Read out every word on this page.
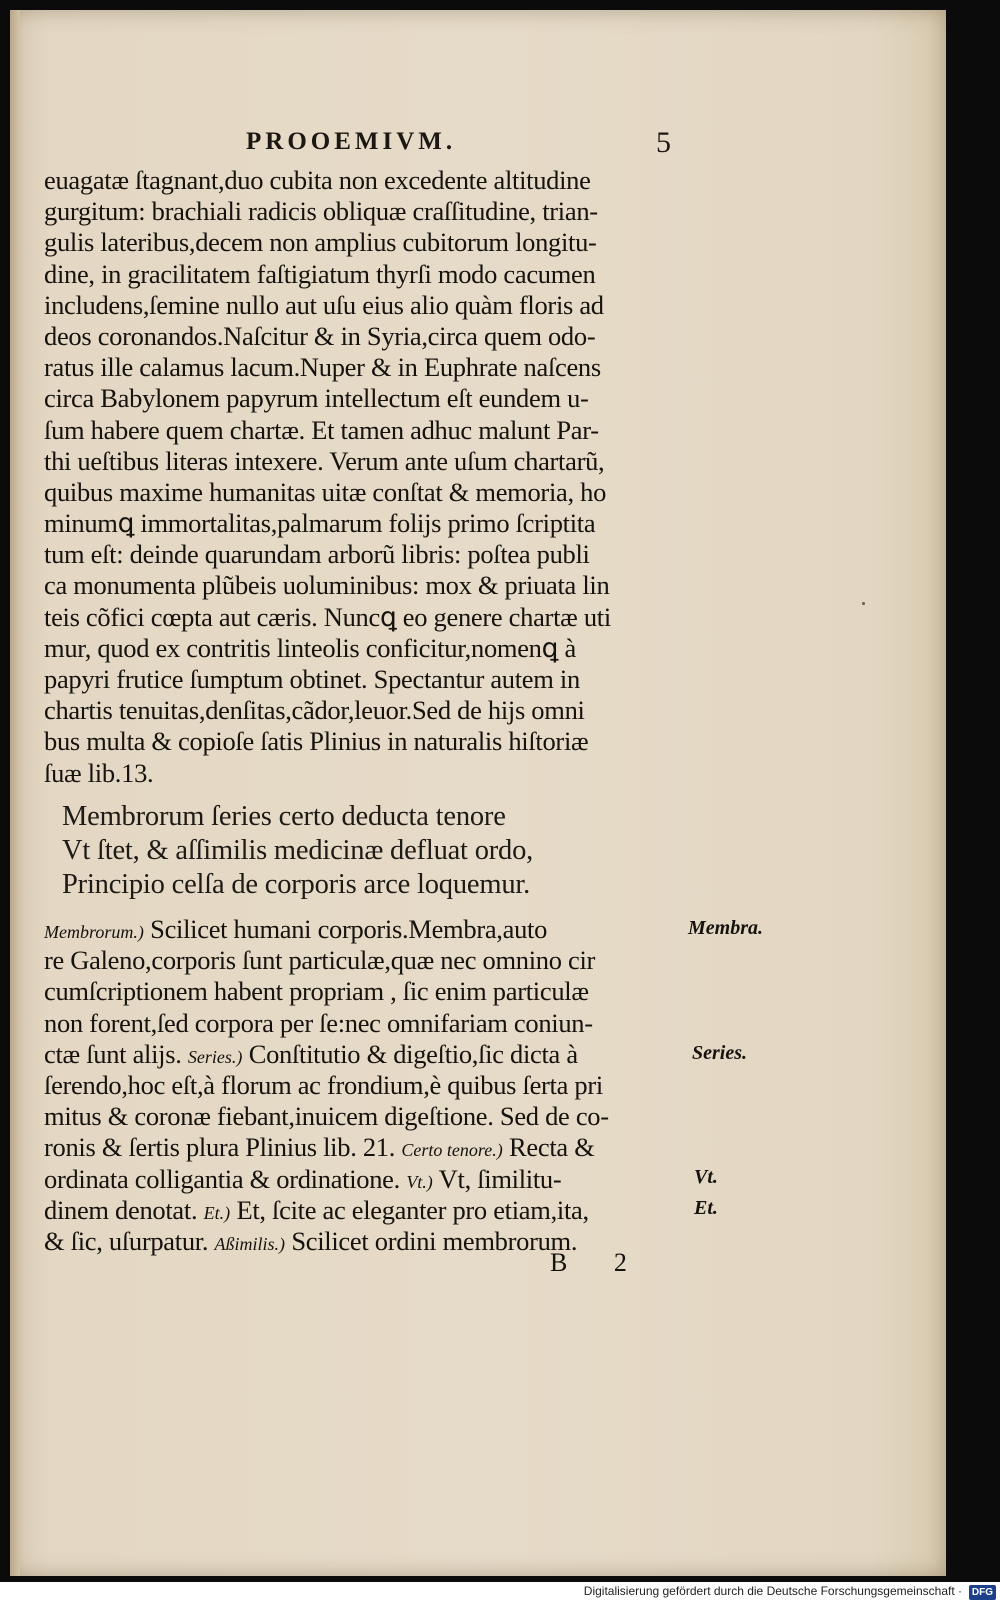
PROOEMIVM.	5
euagatæ ſtagnant,duo cubita non excedente altitudine
gurgitum: brachiali radicis obliquæ craſſitudine, trian-
gulis lateribus,decem non amplius cubitorum longitu-
dine, in gracilitatem faſtigiatum thyrſi modo cacumen
includens,ſemine nullo aut uſu eius alio quàm floris ad
deos coronandos.Naſcitur & in Syria,circa quem odo-
ratus ille calamus lacum.Nuper & in Euphrate naſcens
circa Babylonem papyrum intellectum eſt eundem u-
ſum habere quem chartæ. Et tamen adhuc malunt Par-
thi ueſtibus literas intexere. Verum ante uſum chartarũ,
quibus maxime humanitas uitæ conſtat & memoria, ho
minumꝗ immortalitas,palmarum folijs primo ſcriptita
tum eſt: deinde quarundam arborũ libris: poſtea publi
ca monumenta plũbeis uoluminibus: mox & priuata lin
teis cõfici cœpta aut cæris. Nuncꝗ eo genere chartæ uti
mur, quod ex contritis linteolis conficitur,nomenꝗ à
papyri frutice ſumptum obtinet. Spectantur autem in
chartis tenuitas,denſitas,cãdor,leuor.Sed de hijs omni
bus multa & copioſe ſatis Plinius in naturalis hiſtoriæ
ſuæ lib.13.
Membrorum ſeries certo deducta tenore
Vt ſtet, & aſſimilis medicinæ defluat ordo,
Principio celſa de corporis arce loquemur.
Membrorum.) Scilicet humani corporis.Membra,auto
re Galeno,corporis ſunt particulæ,quæ nec omnino cir
cumſcriptionem habent propriam , ſic enim particulæ
non forent,ſed corpora per ſe:nec omnifariam coniun-
ctæ ſunt alijs. Series.) Conſtitutio & digeſtio,ſic dicta à
ſerendo,hoc eſt,à florum ac frondium,è quibus ſerta pri
mitus & coronæ fiebant,inuicem digeſtione. Sed de co-
ronis & ſertis plura Plinius lib. 21. Certo tenore.) Recta &
ordinata colligantia & ordinatione. Vt.) Vt, ſimilitu-
dinem denotat. Et.) Et, ſcite ac eleganter pro etiam,ita,
& ſic, uſurpatur. Aßimilis.) Scilicet ordini membrorum.
Membra.
Series.
Vt.
Et.
B 2
Digitalisierung gefördert durch die Deutsche Forschungsgemeinschaft · DFG
